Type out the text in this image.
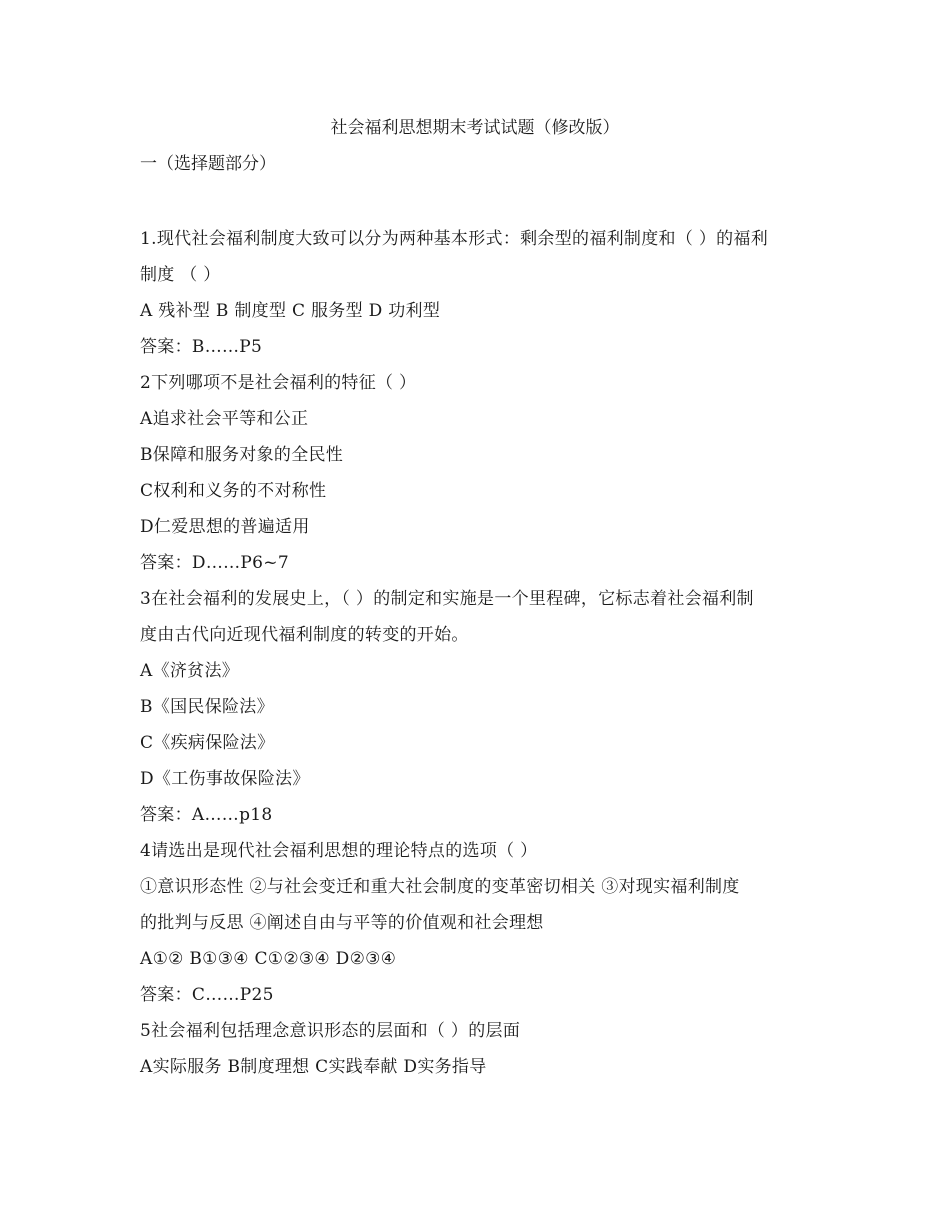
社会福利思想期末考试试题（修改版）
一（选择题部分）
1.现代社会福利制度大致可以分为两种基本形式：剩余型的福利制度和（ ）的福利
制度 （ ）
A 残补型 B 制度型 C 服务型 D 功利型
答案：B……P5
2下列哪项不是社会福利的特征（ ）
A追求社会平等和公正
B保障和服务对象的全民性
C权利和义务的不对称性
D仁爱思想的普遍适用
答案：D……P6~7
3在社会福利的发展史上，（ ）的制定和实施是一个里程碑，它标志着社会福利制
度由古代向近现代福利制度的转变的开始。
A《济贫法》
B《国民保险法》
C《疾病保险法》
D《工伤事故保险法》
答案：A……p18
4请选出是现代社会福利思想的理论特点的选项（ ）
①意识形态性 ②与社会变迁和重大社会制度的变革密切相关 ③对现实福利制度
的批判与反思 ④阐述自由与平等的价值观和社会理想
A①② B①③④ C①②③④ D②③④
答案：C……P25
5社会福利包括理念意识形态的层面和（ ）的层面
A实际服务 B制度理想 C实践奉献 D实务指导
